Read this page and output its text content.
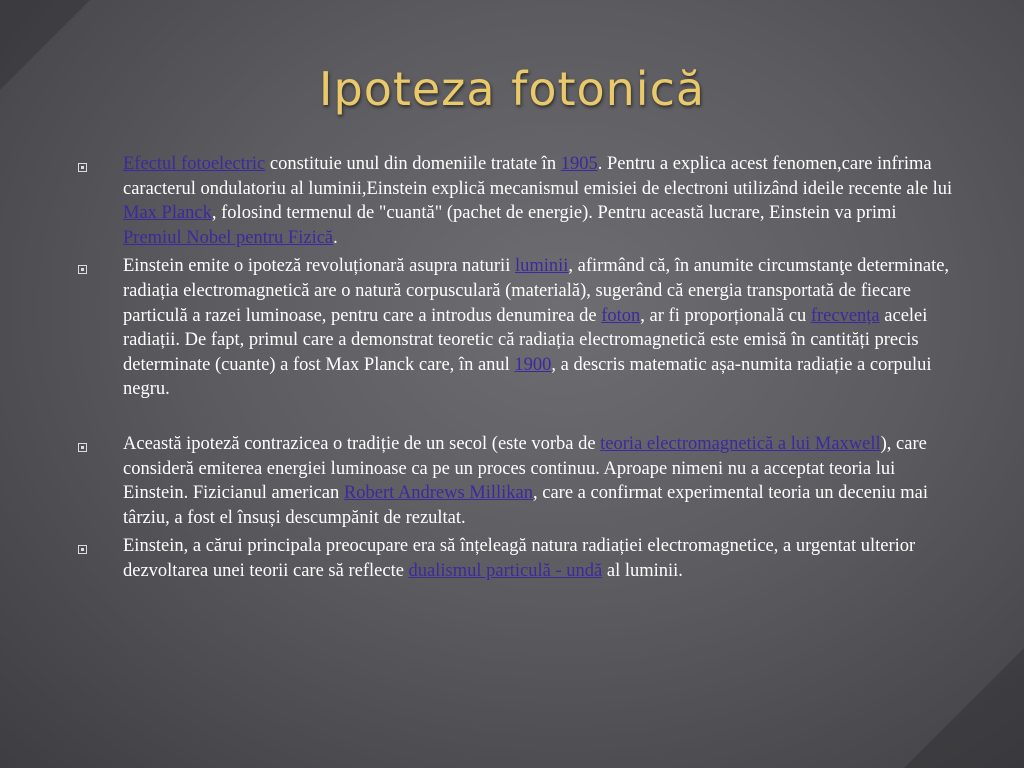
Ipoteza fotonică
Efectul fotoelectric constituie unul din domeniile tratate în 1905. Pentru a explica acest fenomen,care infrima caracterul ondulatoriu al luminii,Einstein explică mecanismul emisiei de electroni utilizând ideile recente ale lui Max Planck, folosind termenul de "cuantă" (pachet de energie). Pentru această lucrare, Einstein va primi Premiul Nobel pentru Fizică.
Einstein emite o ipoteză revoluționară asupra naturii luminii, afirmând că, în anumite circumstanţe determinate, radiația electromagnetică are o natură corpusculară (materială), sugerând că energia transportată de fiecare particulă a razei luminoase, pentru care a introdus denumirea de foton, ar fi proporțională cu frecvența acelei radiații. De fapt, primul care a demonstrat teoretic că radiația electromagnetică este emisă în cantități precis determinate (cuante) a fost Max Planck care, în anul 1900, a descris matematic așa-numita radiație a corpului negru.
Această ipoteză contrazicea o tradiție de un secol (este vorba de teoria electromagnetică a lui Maxwell), care consideră emiterea energiei luminoase ca pe un proces continuu. Aproape nimeni nu a acceptat teoria lui Einstein. Fizicianul american Robert Andrews Millikan, care a confirmat experimental teoria un deceniu mai târziu, a fost el însuși descumpănit de rezultat.
Einstein, a cărui principala preocupare era să înțeleagă natura radiației electromagnetice, a urgentat ulterior dezvoltarea unei teorii care să reflecte dualismul particulă - undă al luminii.
